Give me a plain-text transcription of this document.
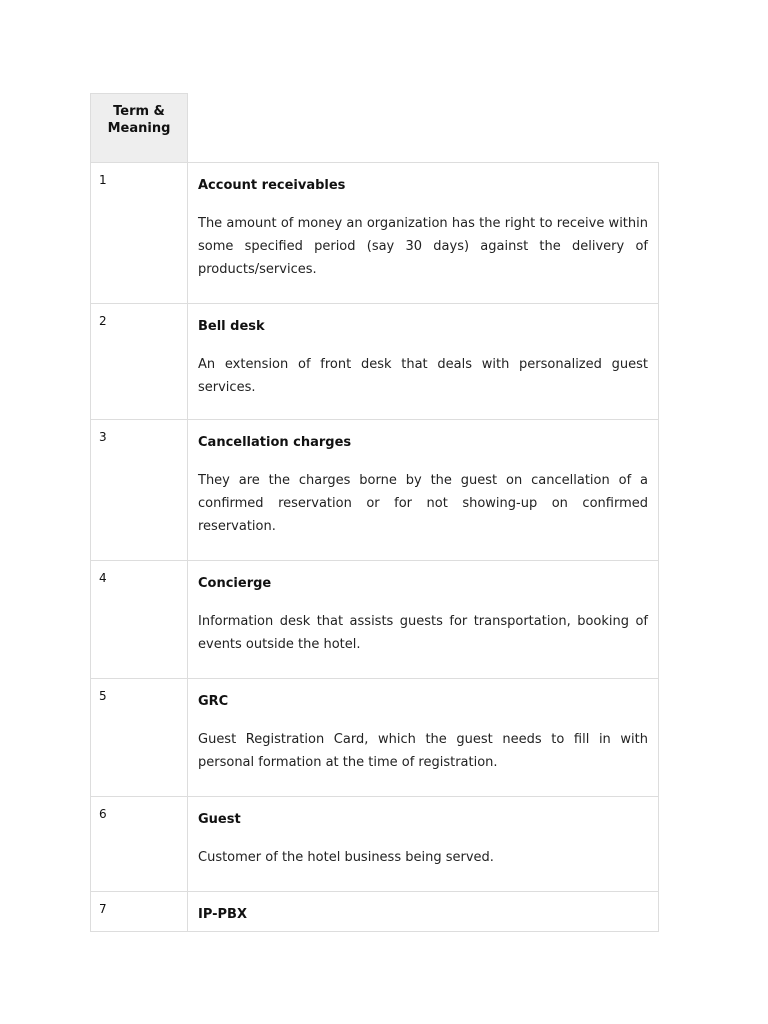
Term & Meaning	
1	Account receivables

The amount of money an organization has the right to receive within some specified period (say 30 days) against the delivery of products/services.

2	Bell desk

An extension of front desk that deals with personalized guest services.

3	Cancellation charges

They are the charges borne by the guest on cancellation of a confirmed reservation or for not showing-up on confirmed reservation.

4	Concierge

Information desk that assists guests for transportation, booking of events outside the hotel.

5	GRC

Guest Registration Card, which the guest needs to fill in with personal formation at the time of registration.

6	Guest

Customer of the hotel business being served.

7	IP-PBX
